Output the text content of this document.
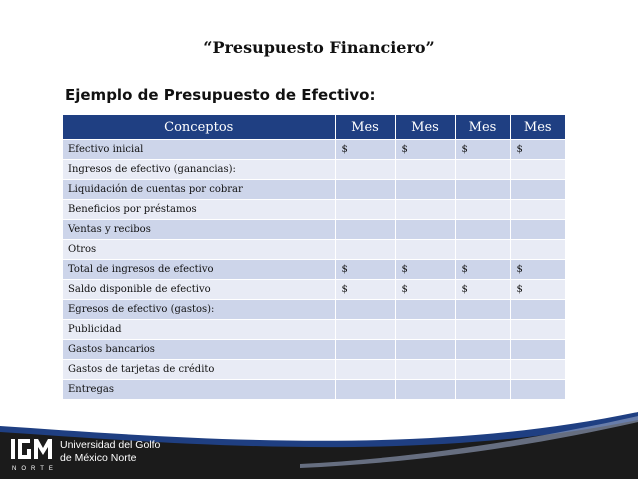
“Presupuesto Financiero”
Ejemplo de Presupuesto de Efectivo:
Conceptos	Mes	Mes	Mes	Mes
Efectivo inicial	$	$	$	$
Ingresos de efectivo (ganancias):				
Liquidación de cuentas por cobrar				
Beneficios por préstamos				
Ventas y recibos				
Otros				
Total de ingresos de efectivo	$	$	$	$
Saldo disponible de efectivo	$	$	$	$
Egresos de efectivo (gastos):				
Publicidad				
Gastos bancarios				
Gastos de tarjetas de crédito				
Entregas				
Universidad del Golfo
de México Norte
NORTE
